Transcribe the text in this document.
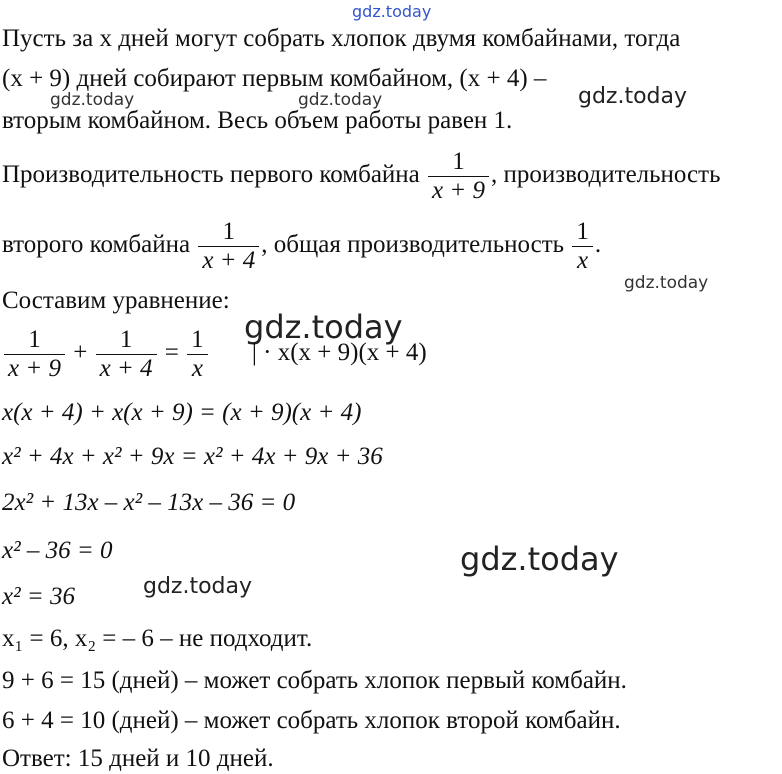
gdz.today
gdz.today	gdz.today	gdz.today
gdz.today
gdz.today
gdz.today
gdz.today
Пусть за x дней могут собрать хлопок двумя комбайнами, тогда
(x + 9) дней собирают первым комбайном, (x + 4) –
вторым комбайном. Весь объем работы равен 1.
Производительность первого комбайна $\frac{1}{x + 9}$ , производительность
второго комбайна $\frac{1}{x + 4}$ , общая производительность $\frac{1}{x}$ .
Составим уравнение:
$\frac{1}{x + 9} + \frac{1}{x + 4} = \frac{1}{x}$ | · x(x + 9)(x + 4)
x(x + 4) + x(x + 9) = (x + 9)(x + 4)
x² + 4x + x² + 9x = x² + 4x + 9x + 36
2x² + 13x – x² – 13x – 36 = 0
x² – 36 = 0
x² = 36
x₁ = 6, x₂ = – 6 – не подходит.
9 + 6 = 15 (дней) – может собрать хлопок первый комбайн.
6 + 4 = 10 (дней) – может собрать хлопок второй комбайн.
Ответ: 15 дней и 10 дней.
